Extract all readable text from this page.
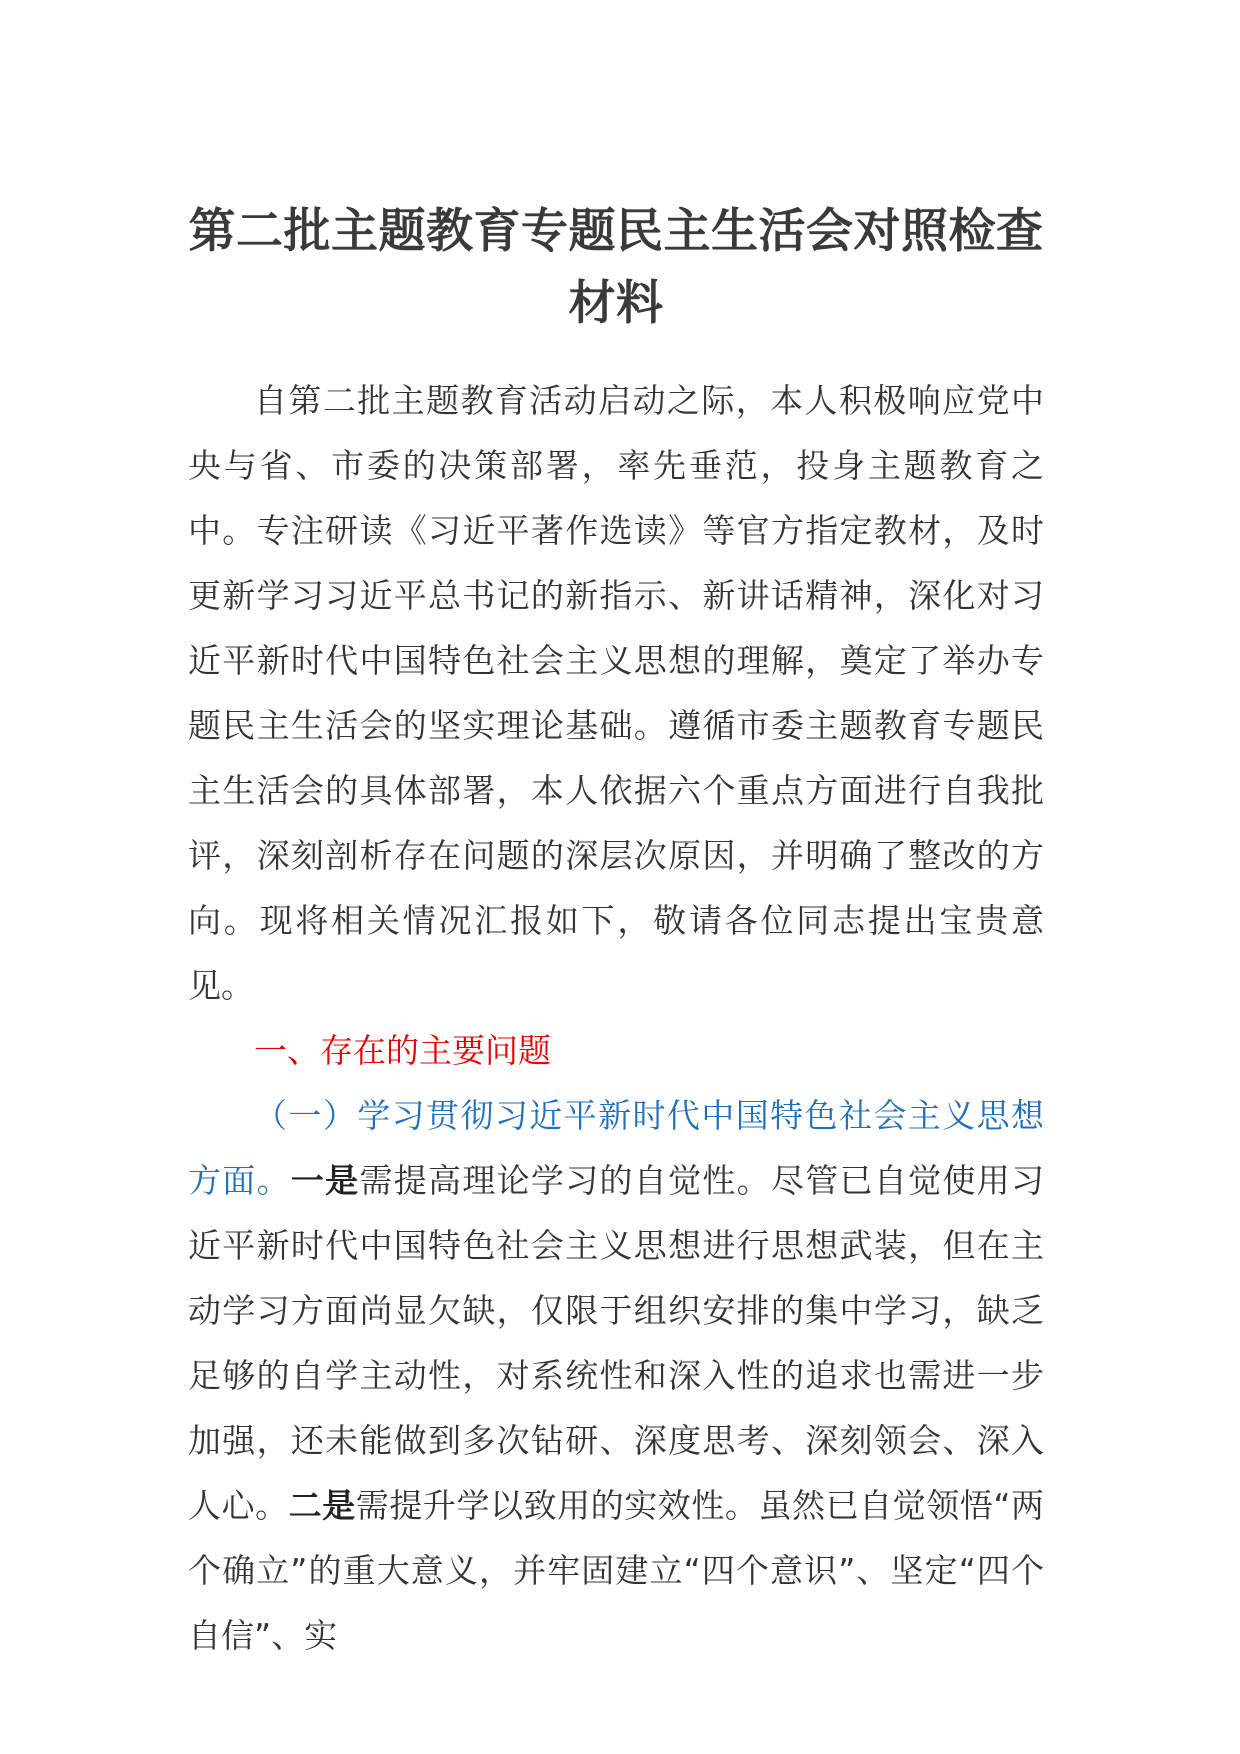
第二批主题教育专题民主生活会对照检查材料

自第二批主题教育活动启动之际，本人积极响应党中央与省、市委的决策部署，率先垂范，投身主题教育之中。专注研读《习近平著作选读》等官方指定教材，及时更新学习习近平总书记的新指示、新讲话精神，深化对习近平新时代中国特色社会主义思想的理解，奠定了举办专题民主生活会的坚实理论基础。遵循市委主题教育专题民主生活会的具体部署，本人依据六个重点方面进行自我批评，深刻剖析存在问题的深层次原因，并明确了整改的方向。现将相关情况汇报如下，敬请各位同志提出宝贵意见。

一、存在的主要问题

（一）学习贯彻习近平新时代中国特色社会主义思想方面。一是需提高理论学习的自觉性。尽管已自觉使用习近平新时代中国特色社会主义思想进行思想武装，但在主动学习方面尚显欠缺，仅限于组织安排的集中学习，缺乏足够的自学主动性，对系统性和深入性的追求也需进一步加强，还未能做到多次钻研、深度思考、深刻领会、深入人心。二是需提升学以致用的实效性。虽然已自觉领悟“两个确立”的重大意义，并牢固建立“四个意识”、坚定“四个自信”、实
